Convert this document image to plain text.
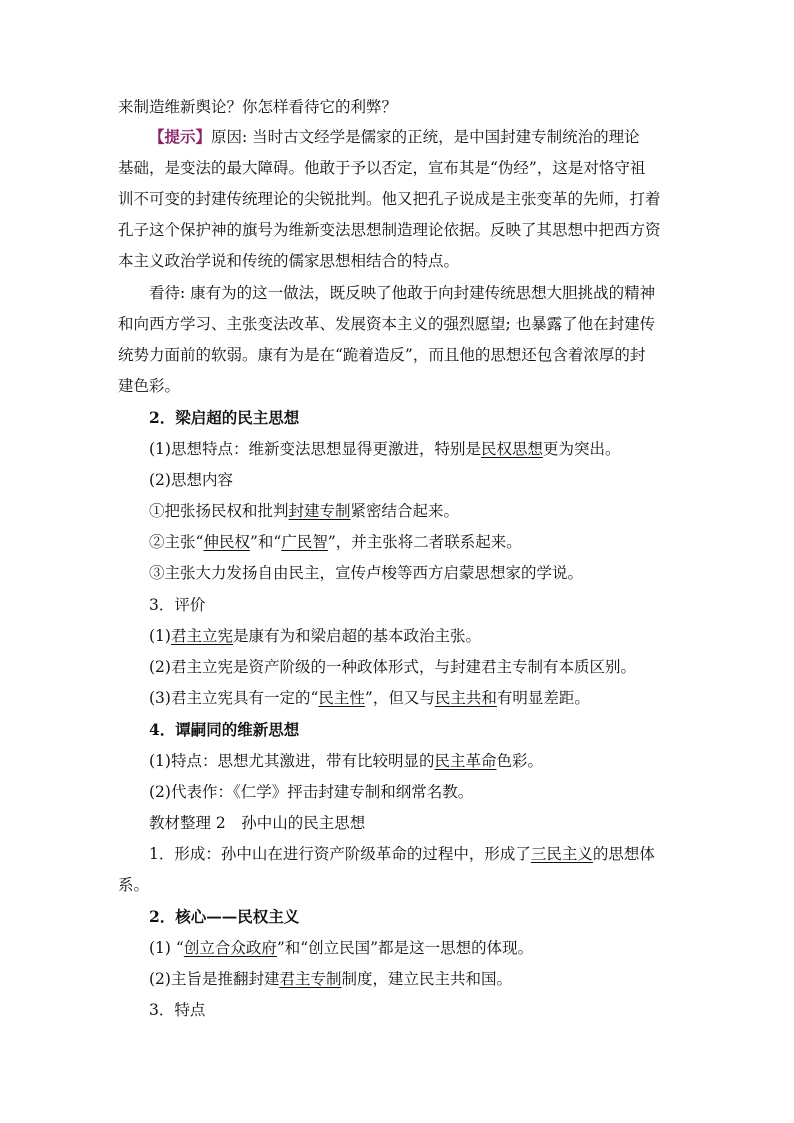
来制造维新舆论？你怎样看待它的利弊？
【提示】原因: 当时古文经学是儒家的正统，是中国封建专制统治的理论
基础，是变法的最大障碍。他敢于予以否定，宣布其是“伪经”，这是对恪守祖
训不可变的封建传统理论的尖锐批判。他又把孔子说成是主张变革的先师，打着
孔子这个保护神的旗号为维新变法思想制造理论依据。反映了其思想中把西方资
本主义政治学说和传统的儒家思想相结合的特点。
看待: 康有为的这一做法，既反映了他敢于向封建传统思想大胆挑战的精神
和向西方学习、主张变法改革、发展资本主义的强烈愿望; 也暴露了他在封建传
统势力面前的软弱。康有为是在“跪着造反”，而且他的思想还包含着浓厚的封
建色彩。
2．梁启超的民主思想
(1)思想特点：维新变法思想显得更激进，特别是民权思想更为突出。
(2)思想内容
①把张扬民权和批判封建专制紧密结合起来。
②主张“伸民权”和“广民智”，并主张将二者联系起来。
③主张大力发扬自由民主，宣传卢梭等西方启蒙思想家的学说。
3．评价
(1)君主立宪是康有为和梁启超的基本政治主张。
(2)君主立宪是资产阶级的一种政体形式，与封建君主专制有本质区别。
(3)君主立宪具有一定的“民主性”，但又与民主共和有明显差距。
4．谭嗣同的维新思想
(1)特点：思想尤其激进，带有比较明显的民主革命色彩。
(2)代表作：《仁学》抨击封建专制和纲常名教。
教材整理 2　孙中山的民主思想
1．形成：孙中山在进行资产阶级革命的过程中，形成了三民主义的思想体
系。
2．核心——民权主义
(1) “创立合众政府”和“创立民国”都是这一思想的体现。
(2)主旨是推翻封建君主专制制度，建立民主共和国。
3．特点
